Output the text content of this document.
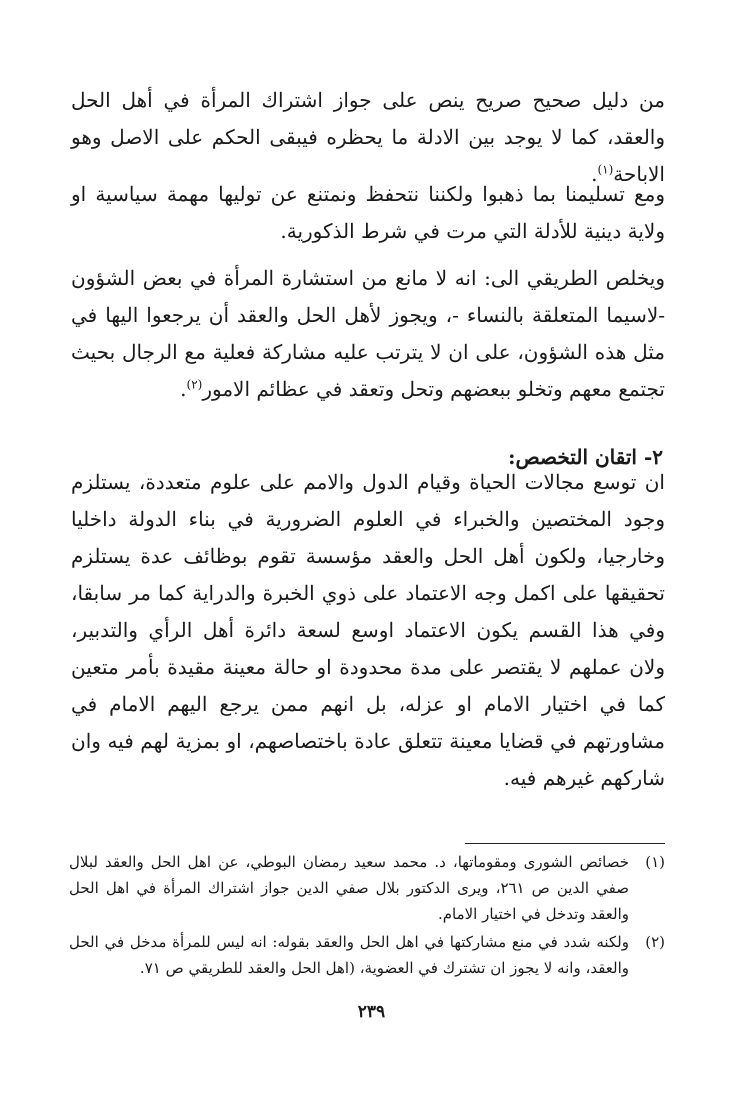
من دليل صحيح صريح ينص على جواز اشتراك المرأة في أهل الحل والعقد، كما لا يوجد بين الادلة ما يحظره فيبقى الحكم على الاصل وهو الاباحة$^{(١)}$.

ومع تسليمنا بما ذهبوا ولكننا نتحفظ ونمتنع عن توليها مهمة سياسية او ولاية دينية للأدلة التي مرت في شرط الذكورية.

ويخلص الطريقي الى: انه لا مانع من استشارة المرأة في بعض الشؤون -لاسيما المتعلقة بالنساء -، ويجوز لأهل الحل والعقد أن يرجعوا اليها في مثل هذه الشؤون، على ان لا يترتب عليه مشاركة فعلية مع الرجال بحيث تجتمع معهم وتخلو ببعضهم وتحل وتعقد في عظائم الامور$^{(٢)}$.

٢- اتقان التخصص:

ان توسع مجالات الحياة وقيام الدول والامم على علوم متعددة، يستلزم وجود المختصين والخبراء في العلوم الضرورية في بناء الدولة داخليا وخارجيا، ولكون أهل الحل والعقد مؤسسة تقوم بوظائف عدة يستلزم تحقيقها على اكمل وجه الاعتماد على ذوي الخبرة والدراية كما مر سابقا، وفي هذا القسم يكون الاعتماد اوسع لسعة دائرة أهل الرأي والتدبير، ولان عملهم لا يقتصر على مدة محدودة او حالة معينة مقيدة بأمر متعين كما في اختيار الامام او عزله، بل انهم ممن يرجع اليهم الامام في مشاورتهم في قضايا معينة تتعلق عادة باختصاصهم، او بمزية لهم فيه وان شاركهم غيرهم فيه.

(١)
خصائص الشورى ومقوماتها، د. محمد سعيد رمضان البوطي، عن اهل الحل والعقد لبلال صفي الدين ص ٢٦١، ويرى الدكتور بلال صفي الدين جواز اشتراك المرأة في اهل الحل والعقد وتدخل في اختيار الامام.
(٢)
ولكنه شدد في منع مشاركتها في اهل الحل والعقد بقوله: انه ليس للمرأة مدخل في الحل والعقد، وانه لا يجوز ان تشترك في العضوية، (اهل الحل والعقد للطريقي ص ٧١.

٢٣٩
